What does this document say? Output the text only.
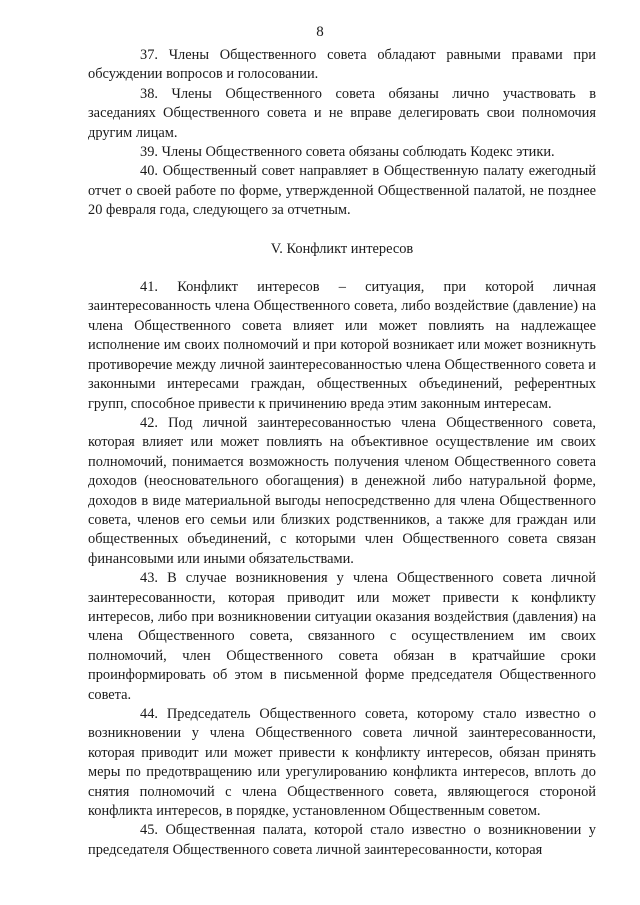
8

37. Члены Общественного совета обладают равными правами при обсуждении вопросов и голосовании.

38. Члены Общественного совета обязаны лично участвовать в заседаниях Общественного совета и не вправе делегировать свои полномочия другим лицам.

39. Члены Общественного совета обязаны соблюдать Кодекс этики.

40. Общественный совет направляет в Общественную палату ежегодный отчет о своей работе по форме, утвержденной Общественной палатой, не позднее 20 февраля года, следующего за отчетным.

V. Конфликт интересов

41. Конфликт интересов – ситуация, при которой личная заинтересованность члена Общественного совета, либо воздействие (давление) на члена Общественного совета влияет или может повлиять на надлежащее исполнение им своих полномочий и при которой возникает или может возникнуть противоречие между личной заинтересованностью члена Общественного совета и законными интересами граждан, общественных объединений, референтных групп, способное привести к причинению вреда этим законным интересам.

42. Под личной заинтересованностью члена Общественного совета, которая влияет или может повлиять на объективное осуществление им своих полномочий, понимается возможность получения членом Общественного совета доходов (неосновательного обогащения) в денежной либо натуральной форме, доходов в виде материальной выгоды непосредственно для члена Общественного совета, членов его семьи или близких родственников, а также для граждан или общественных объединений, с которыми член Общественного совета связан финансовыми или иными обязательствами.

43. В случае возникновения у члена Общественного совета личной заинтересованности, которая приводит или может привести к конфликту интересов, либо при возникновении ситуации оказания воздействия (давления) на члена Общественного совета, связанного с осуществлением им своих полномочий, член Общественного совета обязан в кратчайшие сроки проинформировать об этом в письменной форме председателя Общественного совета.

44. Председатель Общественного совета, которому стало известно о возникновении у члена Общественного совета личной заинтересованности, которая приводит или может привести к конфликту интересов, обязан принять меры по предотвращению или урегулированию конфликта интересов, вплоть до снятия полномочий с члена Общественного совета, являющегося стороной конфликта интересов, в порядке, установленном Общественным советом.

45. Общественная палата, которой стало известно о возникновении у председателя Общественного совета личной заинтересованности, которая
